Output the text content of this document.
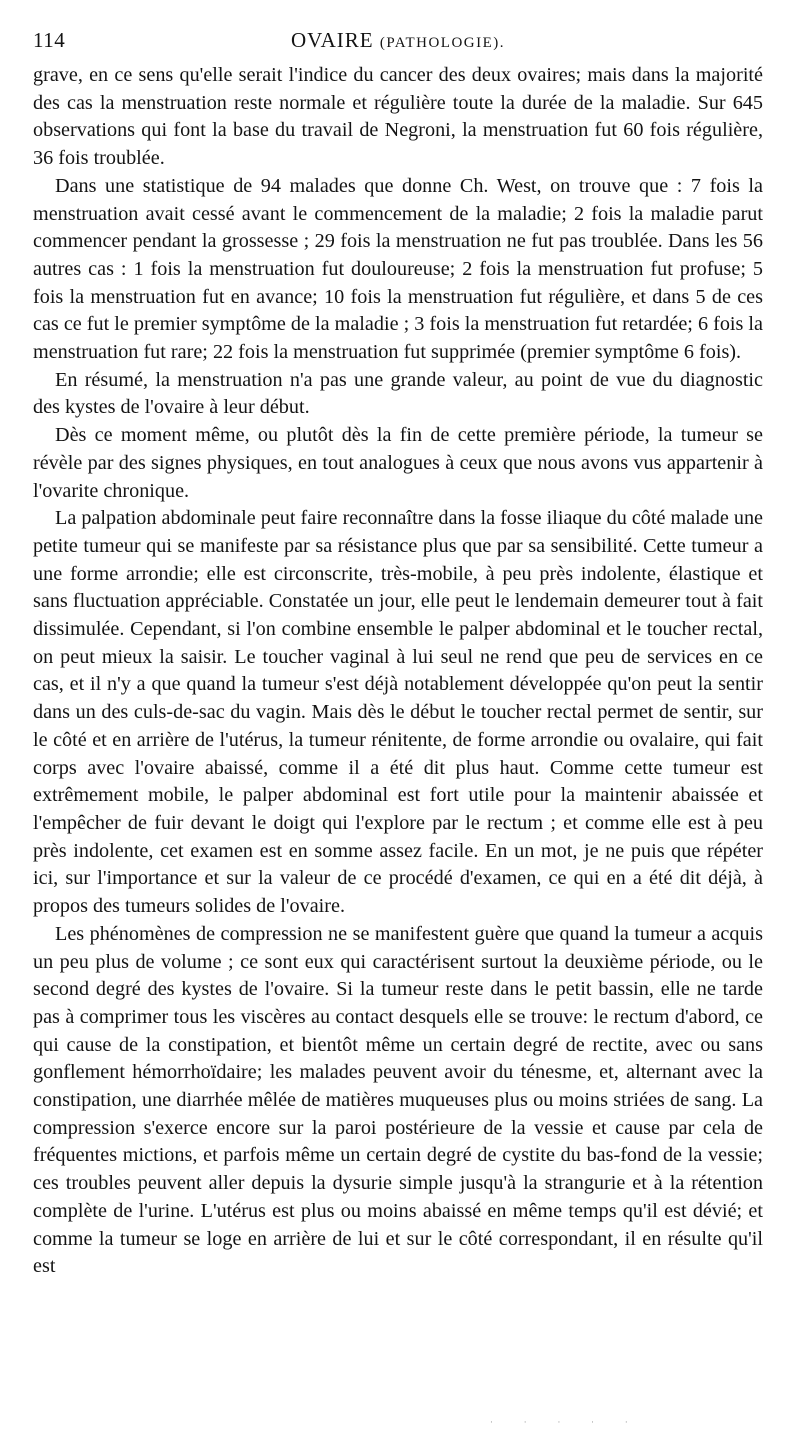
114	OVAIRE (PATHOLOGIE).

grave, en ce sens qu'elle serait l'indice du cancer des deux ovaires; mais dans la majorité des cas la menstruation reste normale et régulière toute la durée de la maladie. Sur 645 observations qui font la base du travail de Negroni, la menstruation fut 60 fois régulière, 36 fois troublée.

Dans une statistique de 94 malades que donne Ch. West, on trouve que : 7 fois la menstruation avait cessé avant le commencement de la maladie; 2 fois la maladie parut commencer pendant la grossesse ; 29 fois la menstruation ne fut pas troublée. Dans les 56 autres cas : 1 fois la menstruation fut douloureuse; 2 fois la menstruation fut profuse; 5 fois la menstruation fut en avance; 10 fois la menstruation fut régulière, et dans 5 de ces cas ce fut le premier symptôme de la maladie ; 3 fois la menstruation fut retardée; 6 fois la menstruation fut rare; 22 fois la menstruation fut supprimée (premier symptôme 6 fois).

En résumé, la menstruation n'a pas une grande valeur, au point de vue du diagnostic des kystes de l'ovaire à leur début.

Dès ce moment même, ou plutôt dès la fin de cette première période, la tumeur se révèle par des signes physiques, en tout analogues à ceux que nous avons vus appartenir à l'ovarite chronique.

La palpation abdominale peut faire reconnaître dans la fosse iliaque du côté malade une petite tumeur qui se manifeste par sa résistance plus que par sa sensibilité. Cette tumeur a une forme arrondie; elle est circonscrite, très-mobile, à peu près indolente, élastique et sans fluctuation appréciable. Constatée un jour, elle peut le lendemain demeurer tout à fait dissimulée. Cependant, si l'on combine ensemble le palper abdominal et le toucher rectal, on peut mieux la saisir. Le toucher vaginal à lui seul ne rend que peu de services en ce cas, et il n'y a que quand la tumeur s'est déjà notablement développée qu'on peut la sentir dans un des culs-de-sac du vagin. Mais dès le début le toucher rectal permet de sentir, sur le côté et en arrière de l'utérus, la tumeur rénitente, de forme arrondie ou ovalaire, qui fait corps avec l'ovaire abaissé, comme il a été dit plus haut. Comme cette tumeur est extrêmement mobile, le palper abdominal est fort utile pour la maintenir abaissée et l'empêcher de fuir devant le doigt qui l'explore par le rectum ; et comme elle est à peu près indolente, cet examen est en somme assez facile. En un mot, je ne puis que répéter ici, sur l'importance et sur la valeur de ce procédé d'examen, ce qui en a été dit déjà, à propos des tumeurs solides de l'ovaire.

Les phénomènes de compression ne se manifestent guère que quand la tumeur a acquis un peu plus de volume ; ce sont eux qui caractérisent surtout la deuxième période, ou le second degré des kystes de l'ovaire. Si la tumeur reste dans le petit bassin, elle ne tarde pas à comprimer tous les viscères au contact desquels elle se trouve: le rectum d'abord, ce qui cause de la constipation, et bientôt même un certain degré de rectite, avec ou sans gonflement hémorrhoïdaire; les malades peuvent avoir du ténesme, et, alternant avec la constipation, une diarrhée mêlée de matières muqueuses plus ou moins striées de sang. La compression s'exerce encore sur la paroi postérieure de la vessie et cause par cela de fréquentes mictions, et parfois même un certain degré de cystite du bas-fond de la vessie; ces troubles peuvent aller depuis la dysurie simple jusqu'à la strangurie et à la rétention complète de l'urine. L'utérus est plus ou moins abaissé en même temps qu'il est dévié; et comme la tumeur se loge en arrière de lui et sur le côté correspondant, il en résulte qu'il est

· · · · ·
